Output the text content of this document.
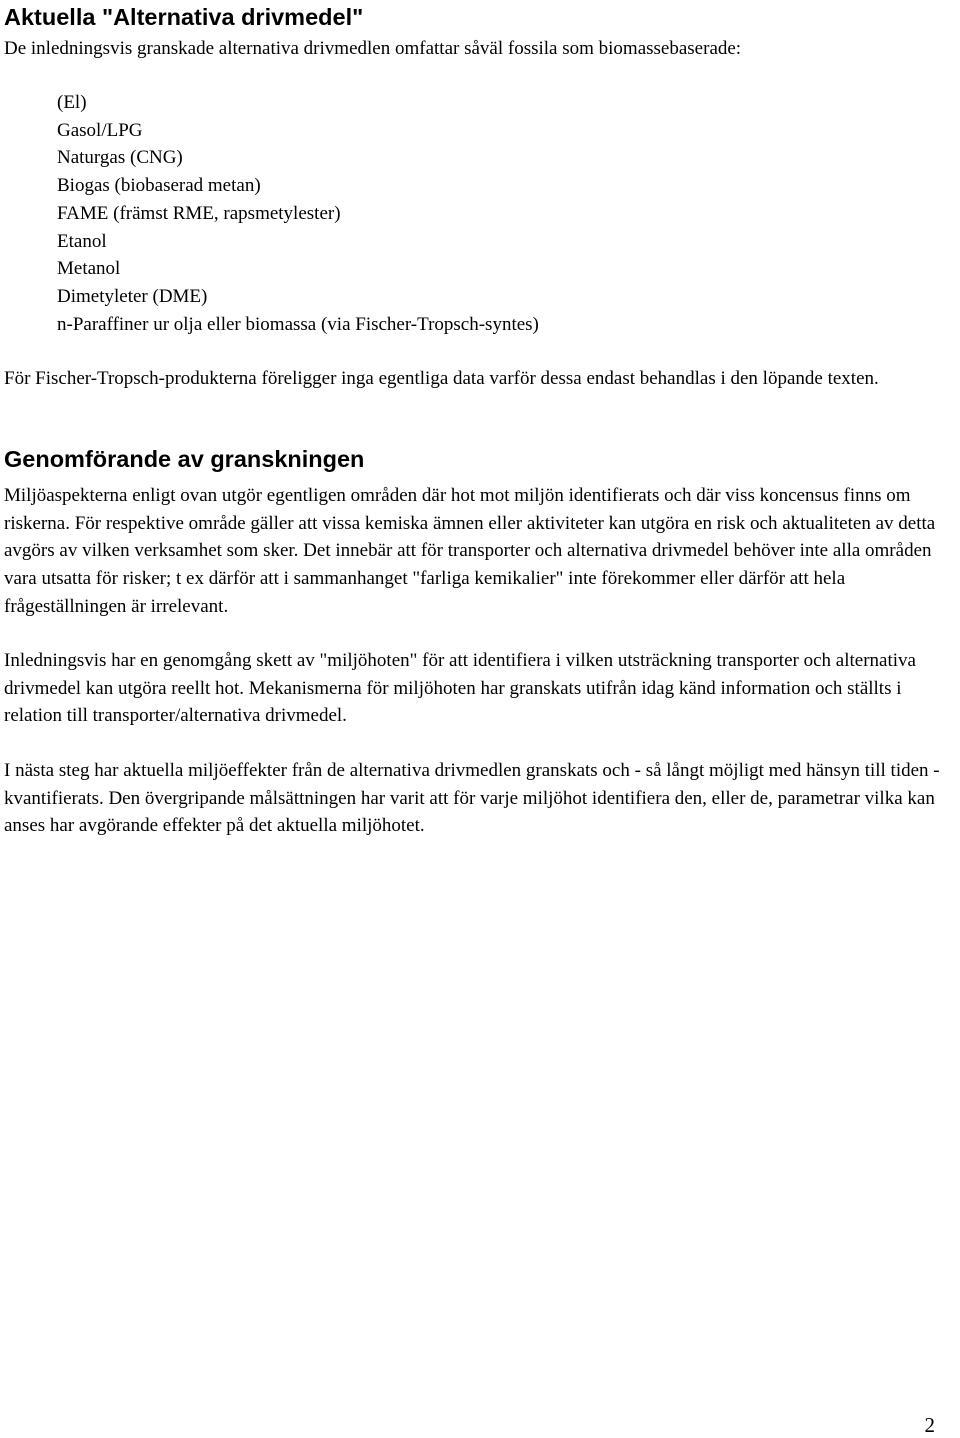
Aktuella "Alternativa drivmedel"

De inledningsvis granskade alternativa drivmedlen omfattar såväl fossila som biomassebaserade:

(El)
Gasol/LPG
Naturgas (CNG)
Biogas (biobaserad metan)
FAME (främst RME, rapsmetylester)
Etanol
Metanol
Dimetyleter (DME)
n-Paraffiner ur olja eller biomassa (via Fischer-Tropsch-syntes)

För Fischer-Tropsch-produkterna föreligger inga egentliga data varför dessa endast behandlas i den löpande texten.

Genomförande av granskningen

Miljöaspekterna enligt ovan utgör egentligen områden där hot mot miljön identifierats och där viss koncensus finns om riskerna. För respektive område gäller att vissa kemiska ämnen eller aktiviteter kan utgöra en risk och aktualiteten av detta avgörs av vilken verksamhet som sker. Det innebär att för transporter och alternativa drivmedel behöver inte alla områden vara utsatta för risker; t ex därför att i sammanhanget "farliga kemikalier" inte förekommer eller därför att hela frågeställningen är irrelevant.

Inledningsvis har en genomgång skett av "miljöhoten" för att identifiera i vilken utsträckning transporter och alternativa drivmedel kan utgöra reellt hot. Mekanismerna för miljöhoten har granskats utifrån idag känd information och ställts i relation till transporter/alternativa drivmedel.

I nästa steg har aktuella miljöeffekter från de alternativa drivmedlen granskats och - så långt möjligt med hänsyn till tiden - kvantifierats. Den övergripande målsättningen har varit att för varje miljöhot identifiera den, eller de, parametrar vilka kan anses har avgörande effekter på det aktuella miljöhotet.

2
